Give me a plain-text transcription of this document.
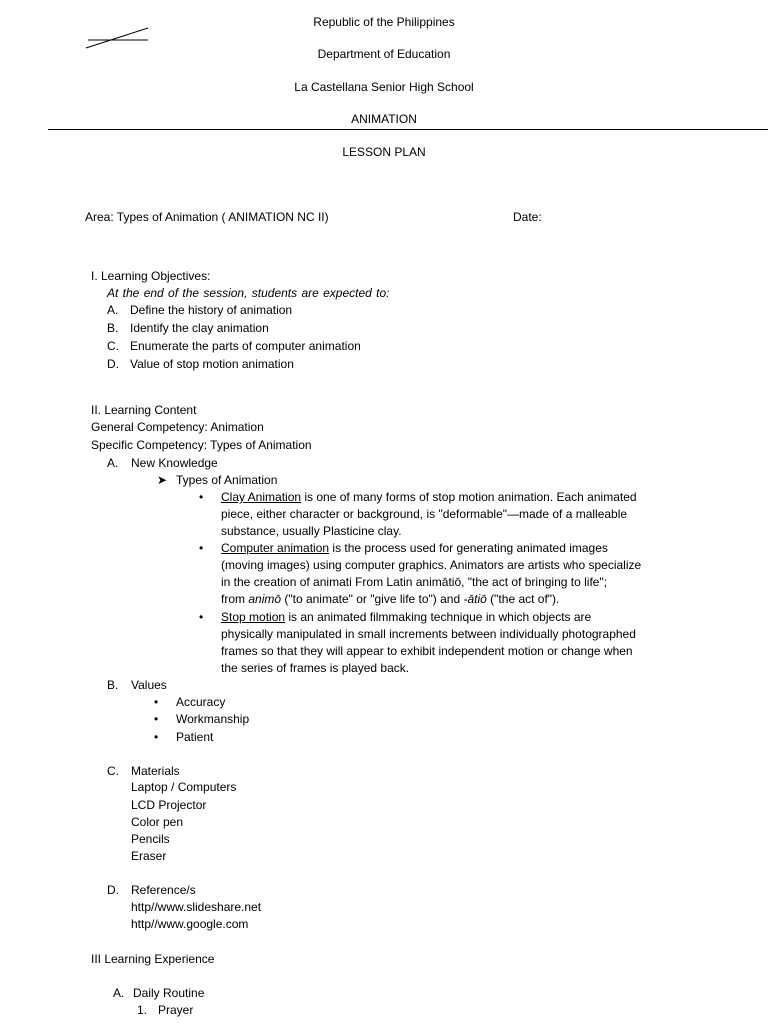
Republic of the Philippines
Department of Education
La Castellana Senior High School
ANIMATION
LESSON PLAN
Area: Types of Animation ( ANIMATION NC II)	Date:
I. Learning Objectives:
At the end of the session, students are expected to:
A. Define the history of animation
B. Identify the clay animation
C. Enumerate the parts of computer animation
D. Value of stop motion animation
II. Learning Content
General Competency: Animation
Specific Competency: Types of Animation
A. New Knowledge
➤ Types of Animation
• Clay Animation is one of many forms of stop motion animation. Each animated
piece, either character or background, is "deformable"—made of a malleable
substance, usually Plasticine clay.
• Computer animation is the process used for generating animated images
(moving images) using computer graphics. Animators are artists who specialize
in the creation of animati From Latin animātiō, "the act of bringing to life";
from animō ("to animate" or "give life to") and -ātiō ("the act of").
• Stop motion is an animated filmmaking technique in which objects are
physically manipulated in small increments between individually photographed
frames so that they will appear to exhibit independent motion or change when
the series of frames is played back.
B. Values
• Accuracy
• Workmanship
• Patient
C. Materials
Laptop / Computers
LCD Projector
Color pen
Pencils
Eraser
D. Reference/s
http//www.slideshare.net
http//www.google.com
III Learning Experience
A. Daily Routine
1. Prayer
